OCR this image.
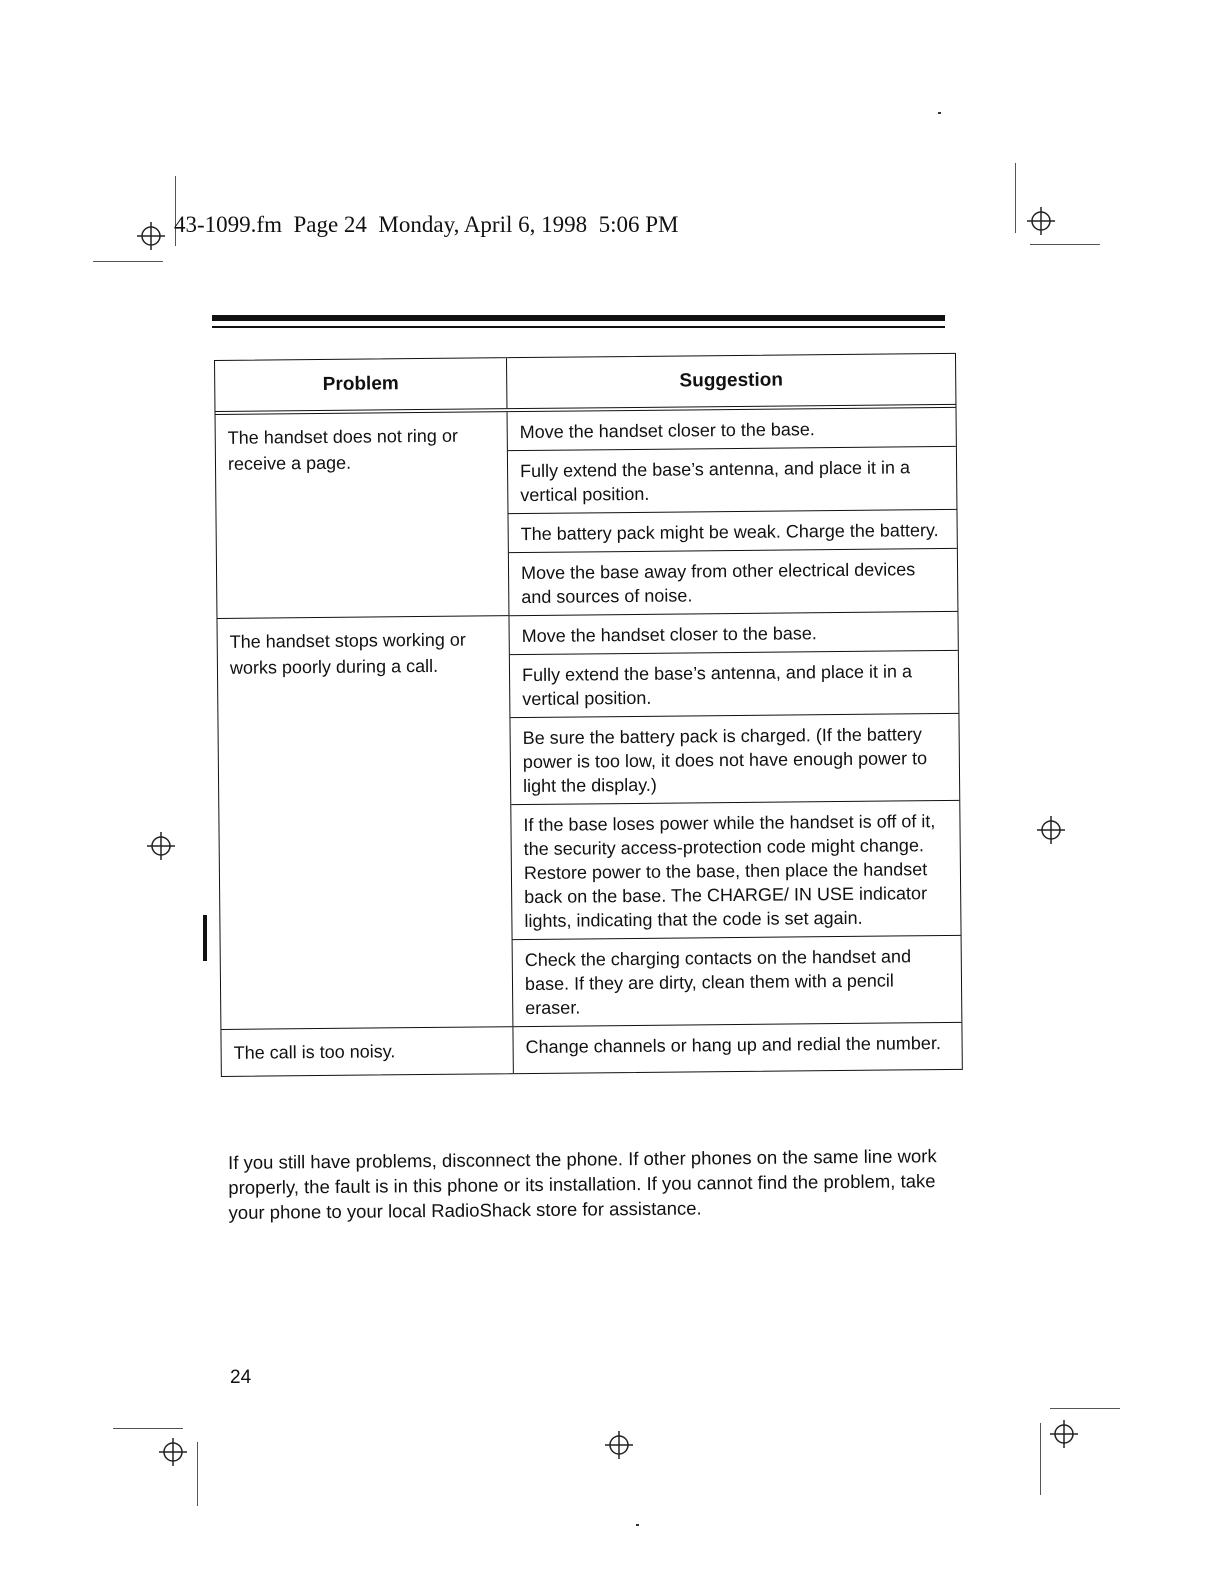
43-1099.fm  Page 24  Monday, April 6, 1998  5:06 PM
Problem	Suggestion
The handset does not ring or receive a page.
Move the handset closer to the base.
Fully extend the base’s antenna, and place it in a vertical position.
The battery pack might be weak. Charge the battery.
Move the base away from other electrical devices and sources of noise.
The handset stops working or works poorly during a call.
Move the handset closer to the base.
Fully extend the base’s antenna, and place it in a vertical position.
Be sure the battery pack is charged. (If the battery power is too low, it does not have enough power to light the display.)
If the base loses power while the handset is off of it, the security access-protection code might change. Restore power to the base, then place the handset back on the base. The CHARGE/ IN USE indicator lights, indicating that the code is set again.
Check the charging contacts on the handset and base. If they are dirty, clean them with a pencil eraser.
The call is too noisy.	Change channels or hang up and redial the number.
If you still have problems, disconnect the phone. If other phones on the same line work properly, the fault is in this phone or its installation. If you cannot find the problem, take your phone to your local RadioShack store for assistance.
24
